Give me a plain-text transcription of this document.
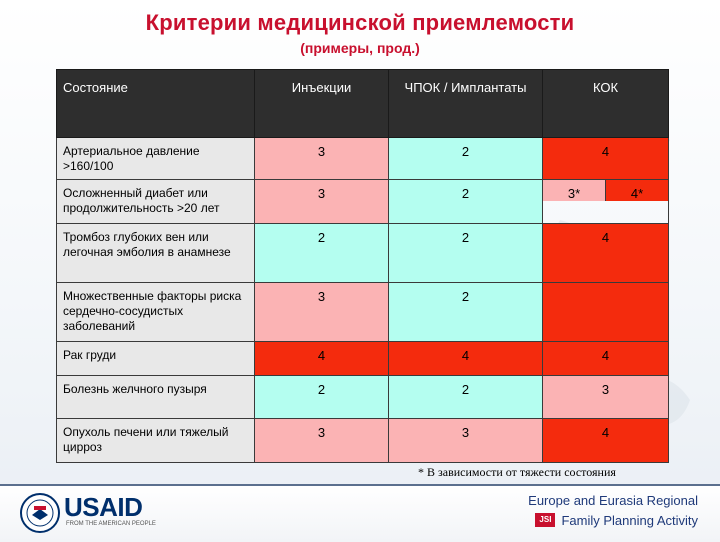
Критерии медицинской приемлемости
(примеры, прод.)
Состояние	Инъекции	ЧПОК / Имплантаты	КОК
Артериальное давление >160/100	3	2	4
Осложненный диабет или продолжительность >20 лет	3	2	3* 4*

Тромбоз глубоких вен или легочная эмболия в анамнезе	2	2	4
Множественные факторы риска сердечно-сосудистых заболеваний	3	2	
Рак груди	4	4	4
Болезнь желчного пузыря	2	2	3
Опухоль печени или тяжелый цирроз	3	3	4
* В зависимости от тяжести состояния
USAID
FROM THE AMERICAN PEOPLE
Europe and Eurasia Regional
JSI Family Planning Activity
